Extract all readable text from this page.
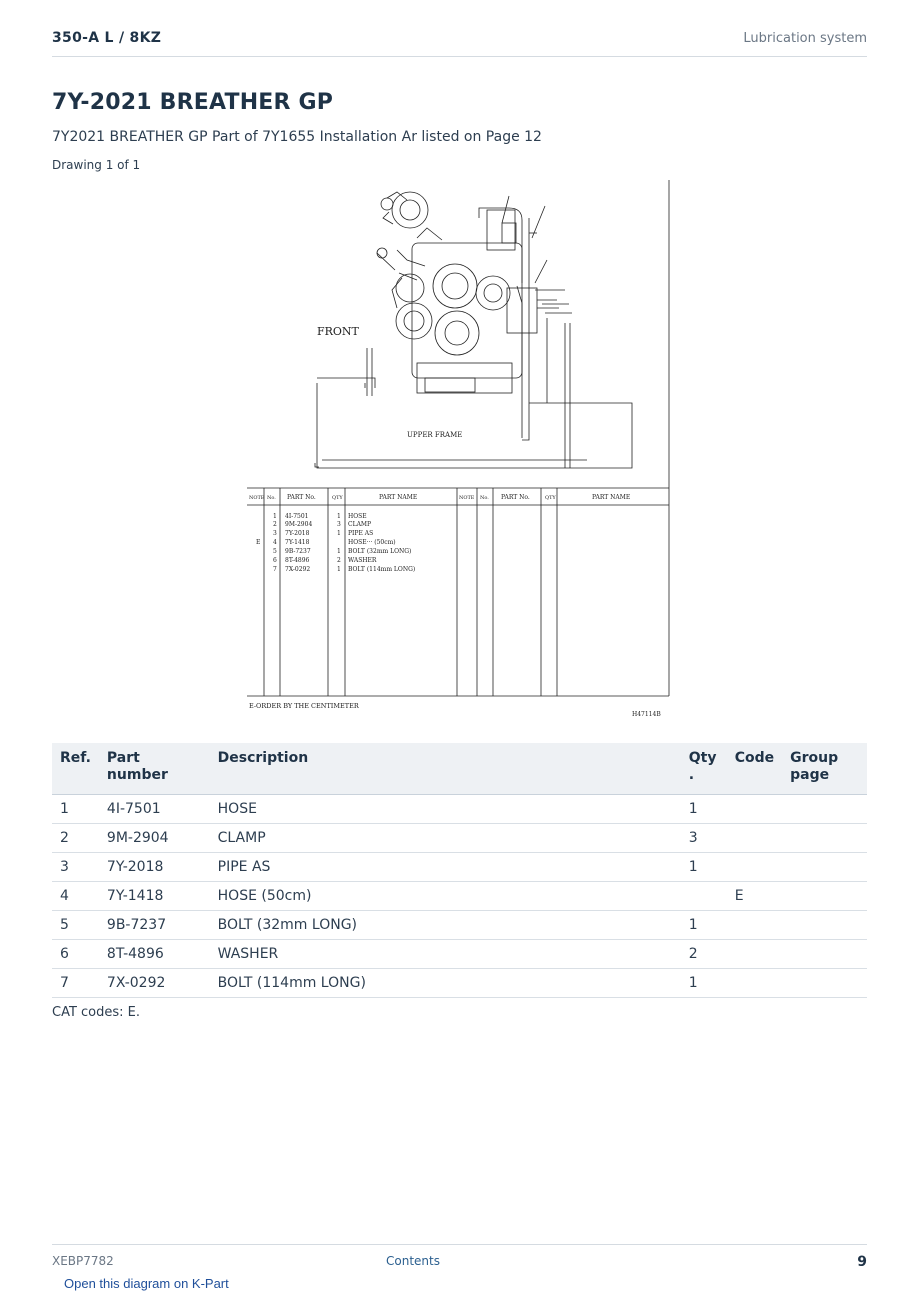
350-A L / 8KZ	Lubrication system
7Y-2021 BREATHER GP
7Y2021 BREATHER GP Part of 7Y1655 Installation Ar listed on Page 12
Drawing 1 of 1
FRONT
UPPER FRAME
NOTE No. PART No.	QTY	PART NAME	NOTE No. PART No.	QTY	PART NAME
1 4I-7501	1 HOSE
2 9M-2904	3 CLAMP
3 7Y-2018	1 PIPE AS
E 4 7Y-1418	HOSE··· (50cm)
5 9B-7237	1 BOLT (32mm LONG)
6 8T-4896	2 WASHER
7 7X-0292	1 BOLT (114mm LONG)
E-ORDER BY THE CENTIMETER
H47114B
Ref.	Part number	Description	Qty .	Code	Group page
1	4I-7501	HOSE	1		
2	9M-2904	CLAMP	3		
3	7Y-2018	PIPE AS	1		
4	7Y-1418	HOSE (50cm)		E	
5	9B-7237	BOLT (32mm LONG)	1		
6	8T-4896	WASHER	2		
7	7X-0292	BOLT (114mm LONG)	1		
CAT codes: E.
XEBP7782	Contents	9
Open this diagram on K-Part
